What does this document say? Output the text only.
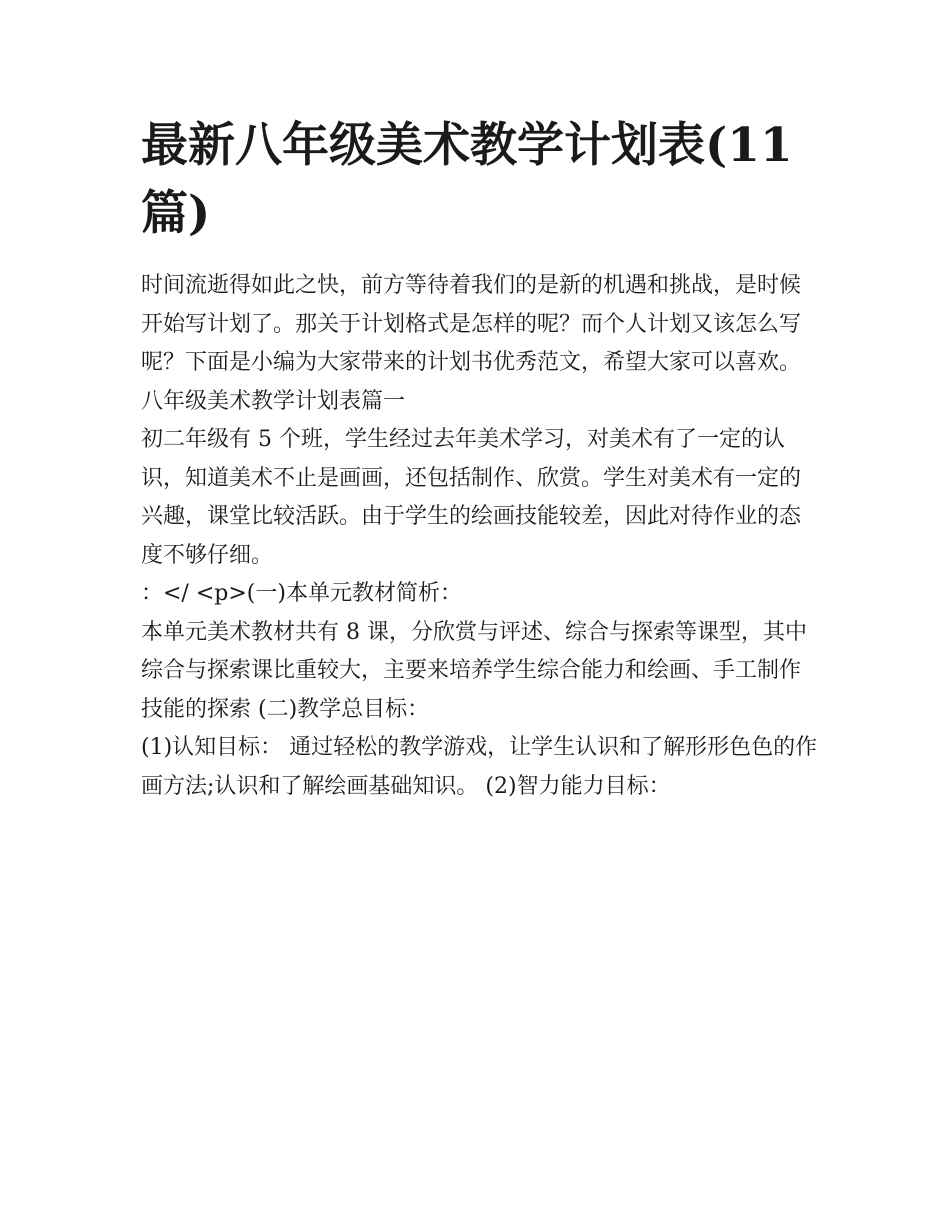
最新八年级美术教学计划表(11篇)

时间流逝得如此之快，前方等待着我们的是新的机遇和挑战，是时候开始写计划了。那关于计划格式是怎样的呢？而个人计划又该怎么写呢？下面是小编为大家带来的计划书优秀范文，希望大家可以喜欢。

八年级美术教学计划表篇一

初二年级有 5 个班，学生经过去年美术学习，对美术有了一定的认识，知道美术不止是画画，还包括制作、欣赏。学生对美术有一定的兴趣，课堂比较活跃。由于学生的绘画技能较差，因此对待作业的态度不够仔细。

：</ <p>(一)本单元教材简析：

本单元美术教材共有 8 课，分欣赏与评述、综合与探索等课型，其中综合与探索课比重较大，主要来培养学生综合能力和绘画、手工制作技能的探索 (二)教学总目标：

(1)认知目标： 通过轻松的教学游戏，让学生认识和了解形形色色的作画方法;认识和了解绘画基础知识。 (2)智力能力目标：
